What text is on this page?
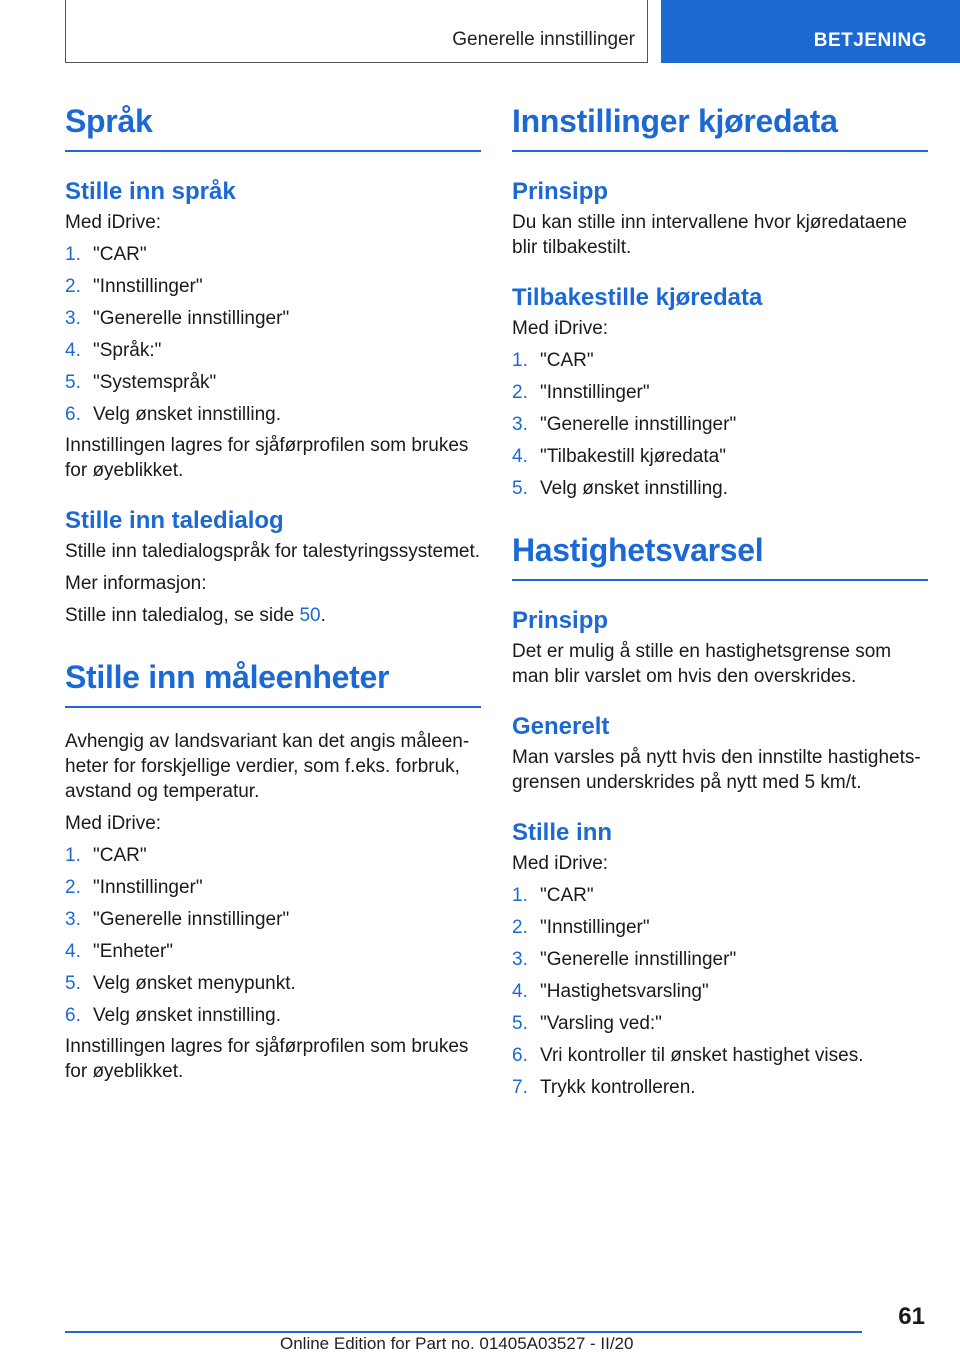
Generelle innstillinger	BETJENING
Språk
Stille inn språk

Med iDrive:

1. "CAR"
2. "Innstillinger"
3. "Generelle innstillinger"
4. "Språk:"
5. "Systemspråk"
6. Velg ønsket innstilling.

Innstillingen lagres for sjåførprofilen som brukes for øyeblikket.

Stille inn taledialog

Stille inn taledialogspråk for talestyringssystemet.

Mer informasjon:

Stille inn taledialog, se side 50.

Stille inn måleenheter

Avhengig av landsvariant kan det angis måleenheter for forskjellige verdier, som f.eks. forbruk, avstand og temperatur.

Med iDrive:

1. "CAR"
2. "Innstillinger"
3. "Generelle innstillinger"
4. "Enheter"
5. Velg ønsket menypunkt.
6. Velg ønsket innstilling.

Innstillingen lagres for sjåførprofilen som brukes for øyeblikket.

Innstillinger kjøredata
Prinsipp

Du kan stille inn intervallene hvor kjøredataene blir tilbakestilt.

Tilbakestille kjøredata

Med iDrive:

1. "CAR"
2. "Innstillinger"
3. "Generelle innstillinger"
4. "Tilbakestill kjøredata"
5. Velg ønsket innstilling.
Hastighetsvarsel
Prinsipp

Det er mulig å stille en hastighetsgrense som man blir varslet om hvis den overskrides.

Generelt

Man varsles på nytt hvis den innstilte hastighetsgrensen underskrides på nytt med 5 km/t.

Stille inn

Med iDrive:

1. "CAR"
2. "Innstillinger"
3. "Generelle innstillinger"
4. "Hastighetsvarsling"
5. "Varsling ved:"
6. Vri kontroller til ønsket hastighet vises.
7. Trykk kontrolleren.
61
Online Edition for Part no. 01405A03527 - II/20
